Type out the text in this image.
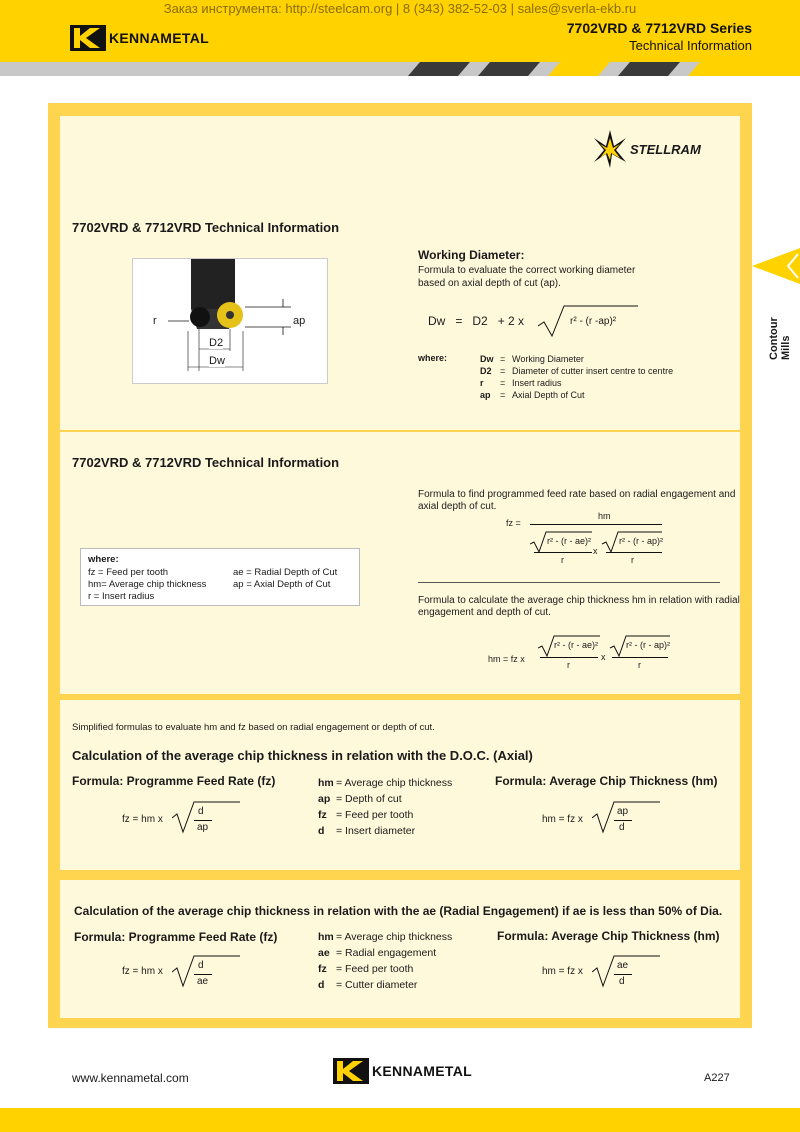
Заказ инструмента: http://steelcam.org | 8 (343) 382-52-03 | sales@sverla-ekb.ru
KENNAMETAL
7702VRD & 7712VRD Series
Technical Information
Contour Mills
STELLRAM
7702VRD & 7712VRD Technical Information
r	ap
D2
Dw
Working Diameter:
Formula to evaluate the correct working diameter
based on axial depth of cut (ap).
Dw = D2 + 2 x	r² - (r -ap)²
where:	Dw = Working Diameter
D2 = Diameter of cutter insert centre to centre
r	= Insert radius
ap	= Axial Depth of Cut
7702VRD & 7712VRD Technical Information
where:
fz = Feed per tooth
hm= Average chip thickness
r = Insert radius
ae = Radial Depth of Cut
ap = Axial Depth of Cut
Formula to find programmed feed rate based on radial engagement and
axial depth of cut.
fz =
hm
r² - (r - ae)²	r² - (r - ap)²
x
r	r
Formula to calculate the average chip thickness hm in relation with radial
engagement and depth of cut.
hm = fz x
r² - (r - ae)²	r² - (r - ap)²
x
r	r
Simplified formulas to evaluate hm and fz based on radial engagement or depth of cut.
Calculation of the average chip thickness in relation with the D.O.C. (Axial)
Formula: Programme Feed Rate (fz)	Formula: Average Chip Thickness (hm)
hm = Average chip thickness
ap = Depth of cut
fz = Feed per tooth
d	= Insert diameter
fz = hm x
d
ap
hm = fz x
ap
d
Calculation of the average chip thickness in relation with the ae (Radial Engagement) if ae is less than 50% of Dia.
Formula: Programme Feed Rate (fz)	Formula: Average Chip Thickness (hm)
hm = Average chip thickness
ae = Radial engagement
fz = Feed per tooth
d	= Cutter diameter
fz = hm x
d
ae
hm = fz x
ae
d
www.kennametal.com	KENNAMETAL	A227
